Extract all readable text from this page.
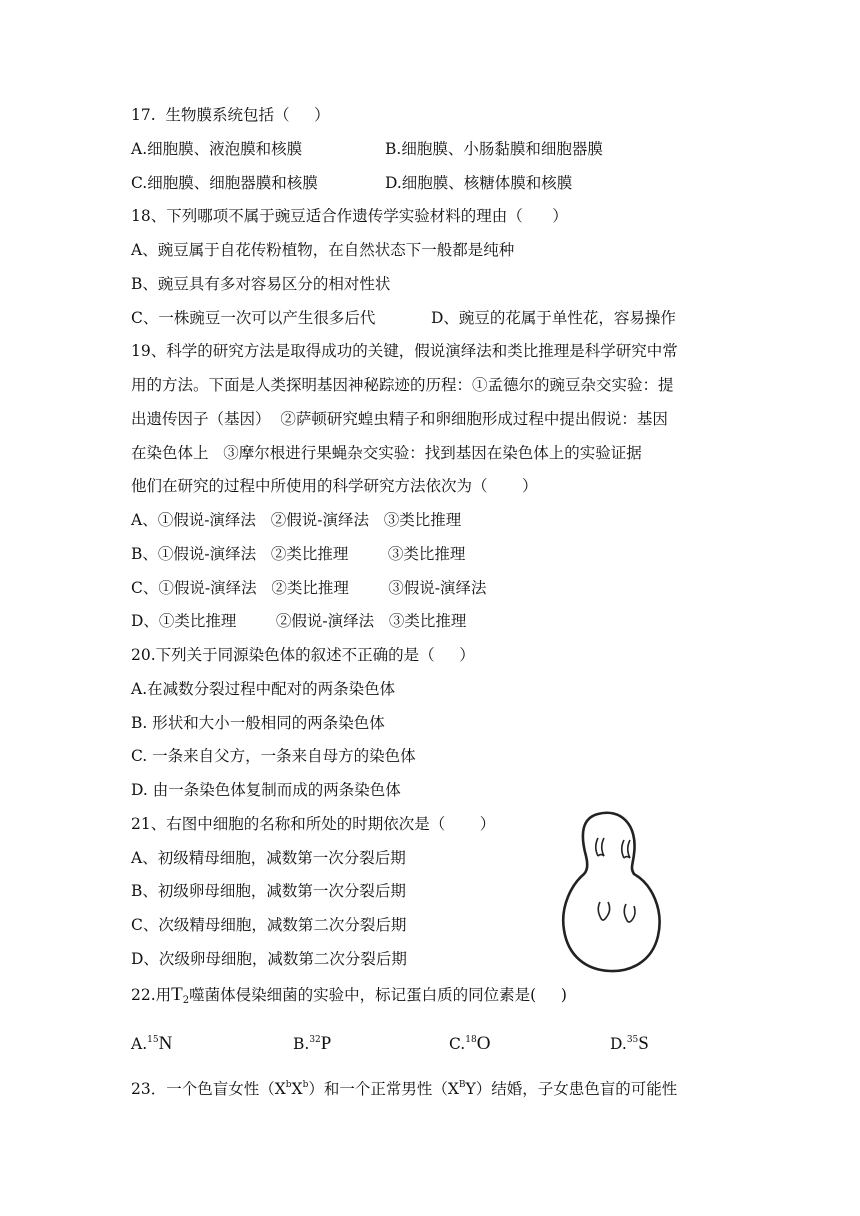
17.  生物膜系统包括（     ）
A.细胞膜、液泡膜和核膜	B.细胞膜、小肠黏膜和细胞器膜
C.细胞膜、细胞器膜和核膜	D.细胞膜、核糖体膜和核膜
18、下列哪项不属于豌豆适合作遗传学实验材料的理由（      ）
A、豌豆属于自花传粉植物，在自然状态下一般都是纯种
B、豌豆具有多对容易区分的相对性状
C、一株豌豆一次可以产生很多后代	D、豌豆的花属于单性花，容易操作
19、科学的研究方法是取得成功的关键，假说演绎法和类比推理是科学研究中常
用的方法。下面是人类探明基因神秘踪迹的历程：①孟德尔的豌豆杂交实验：提
出遗传因子（基因）  ②萨顿研究蝗虫精子和卵细胞形成过程中提出假说：基因
在染色体上   ③摩尔根进行果蝇杂交实验：找到基因在染色体上的实验证据
他们在研究的过程中所使用的科学研究方法依次为（       ）
A、①假说-演绎法   ②假说-演绎法   ③类比推理
B、①假说-演绎法   ②类比推理        ③类比推理
C、①假说-演绎法   ②类比推理        ③假说-演绎法
D、①类比推理        ②假说-演绎法   ③类比推理
20.下列关于同源染色体的叙述不正确的是（     ）
A.在减数分裂过程中配对的两条染色体
B. 形状和大小一般相同的两条染色体
C. 一条来自父方，一条来自母方的染色体
D. 由一条染色体复制而成的两条染色体
21、右图中细胞的名称和所处的时期依次是（       ）
A、初级精母细胞，减数第一次分裂后期
B、初级卵母细胞，减数第一次分裂后期
C、次级精母细胞，减数第二次分裂后期
D、次级卵母细胞，减数第二次分裂后期
22.用$T_2$噬菌体侵染细菌的实验中，标记蛋白质的同位素是(     )
A.$^{15}$N	B.$^{32}$P	C.$^{18}$O	D.$^{35}$S
23．一个色盲女性$(X^bX^b)$和一个正常男性$(X^BY)$结婚，子女患色盲的可能性
